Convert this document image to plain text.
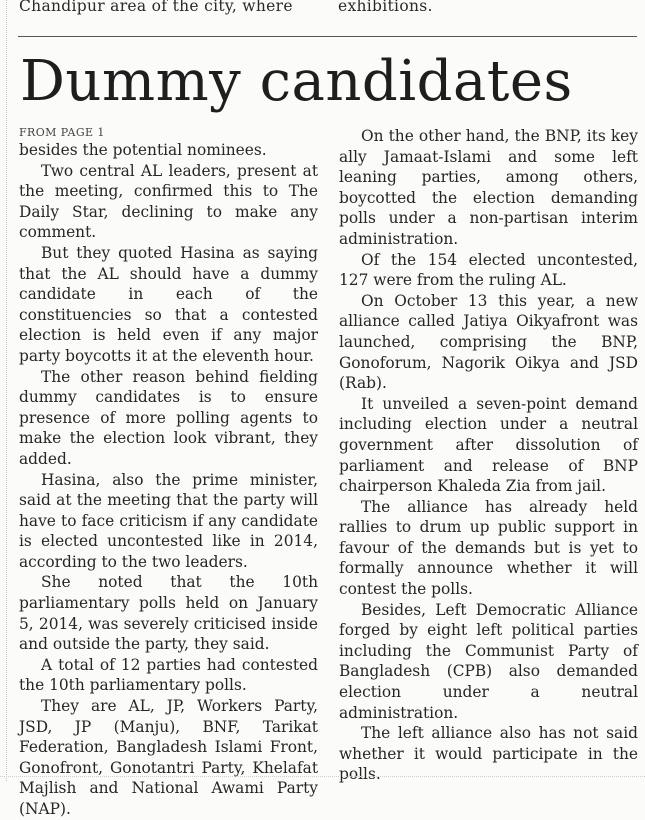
Chandipur area of the city, where	exhibitions.
Dummy candidates
FROM PAGE 1

besides the potential nominees.

Two central AL leaders, present at the meeting, confirmed this to The Daily Star, declining to make any comment.

But they quoted Hasina as saying that the AL should have a dummy candidate in each of the constituencies so that a contested election is held even if any major party boycotts it at the eleventh hour.

The other reason behind fielding dummy candidates is to ensure presence of more polling agents to make the election look vibrant, they added.

Hasina, also the prime minister, said at the meeting that the party will have to face criticism if any candidate is elected uncontested like in 2014, according to the two leaders.

She noted that the 10th parliamentary polls held on January 5, 2014, was severely criticised inside and outside the party, they said.

A total of 12 parties had contested the 10th parliamentary polls.

They are AL, JP, Workers Party, JSD, JP (Manju), BNF, Tarikat Federation, Bangladesh Islami Front, Gonofront, Gonotantri Party, Khelafat Majlish and National Awami Party (NAP).

On the other hand, the BNP, its key ally Jamaat-Islami and some left leaning parties, among others, boycotted the election demanding polls under a non-partisan interim administration.

Of the 154 elected uncontested, 127 were from the ruling AL.

On October 13 this year, a new alliance called Jatiya Oikyafront was launched, comprising the BNP, Gonoforum, Nagorik Oikya and JSD (Rab).

It unveiled a seven-point demand including election under a neutral government after dissolution of parliament and release of BNP chairperson Khaleda Zia from jail.

The alliance has already held rallies to drum up public support in favour of the demands but is yet to formally announce whether it will contest the polls.

Besides, Left Democratic Alliance forged by eight left political parties including the Communist Party of Bangladesh (CPB) also demanded election under a neutral administration.

The left alliance also has not said whether it would participate in the polls.
